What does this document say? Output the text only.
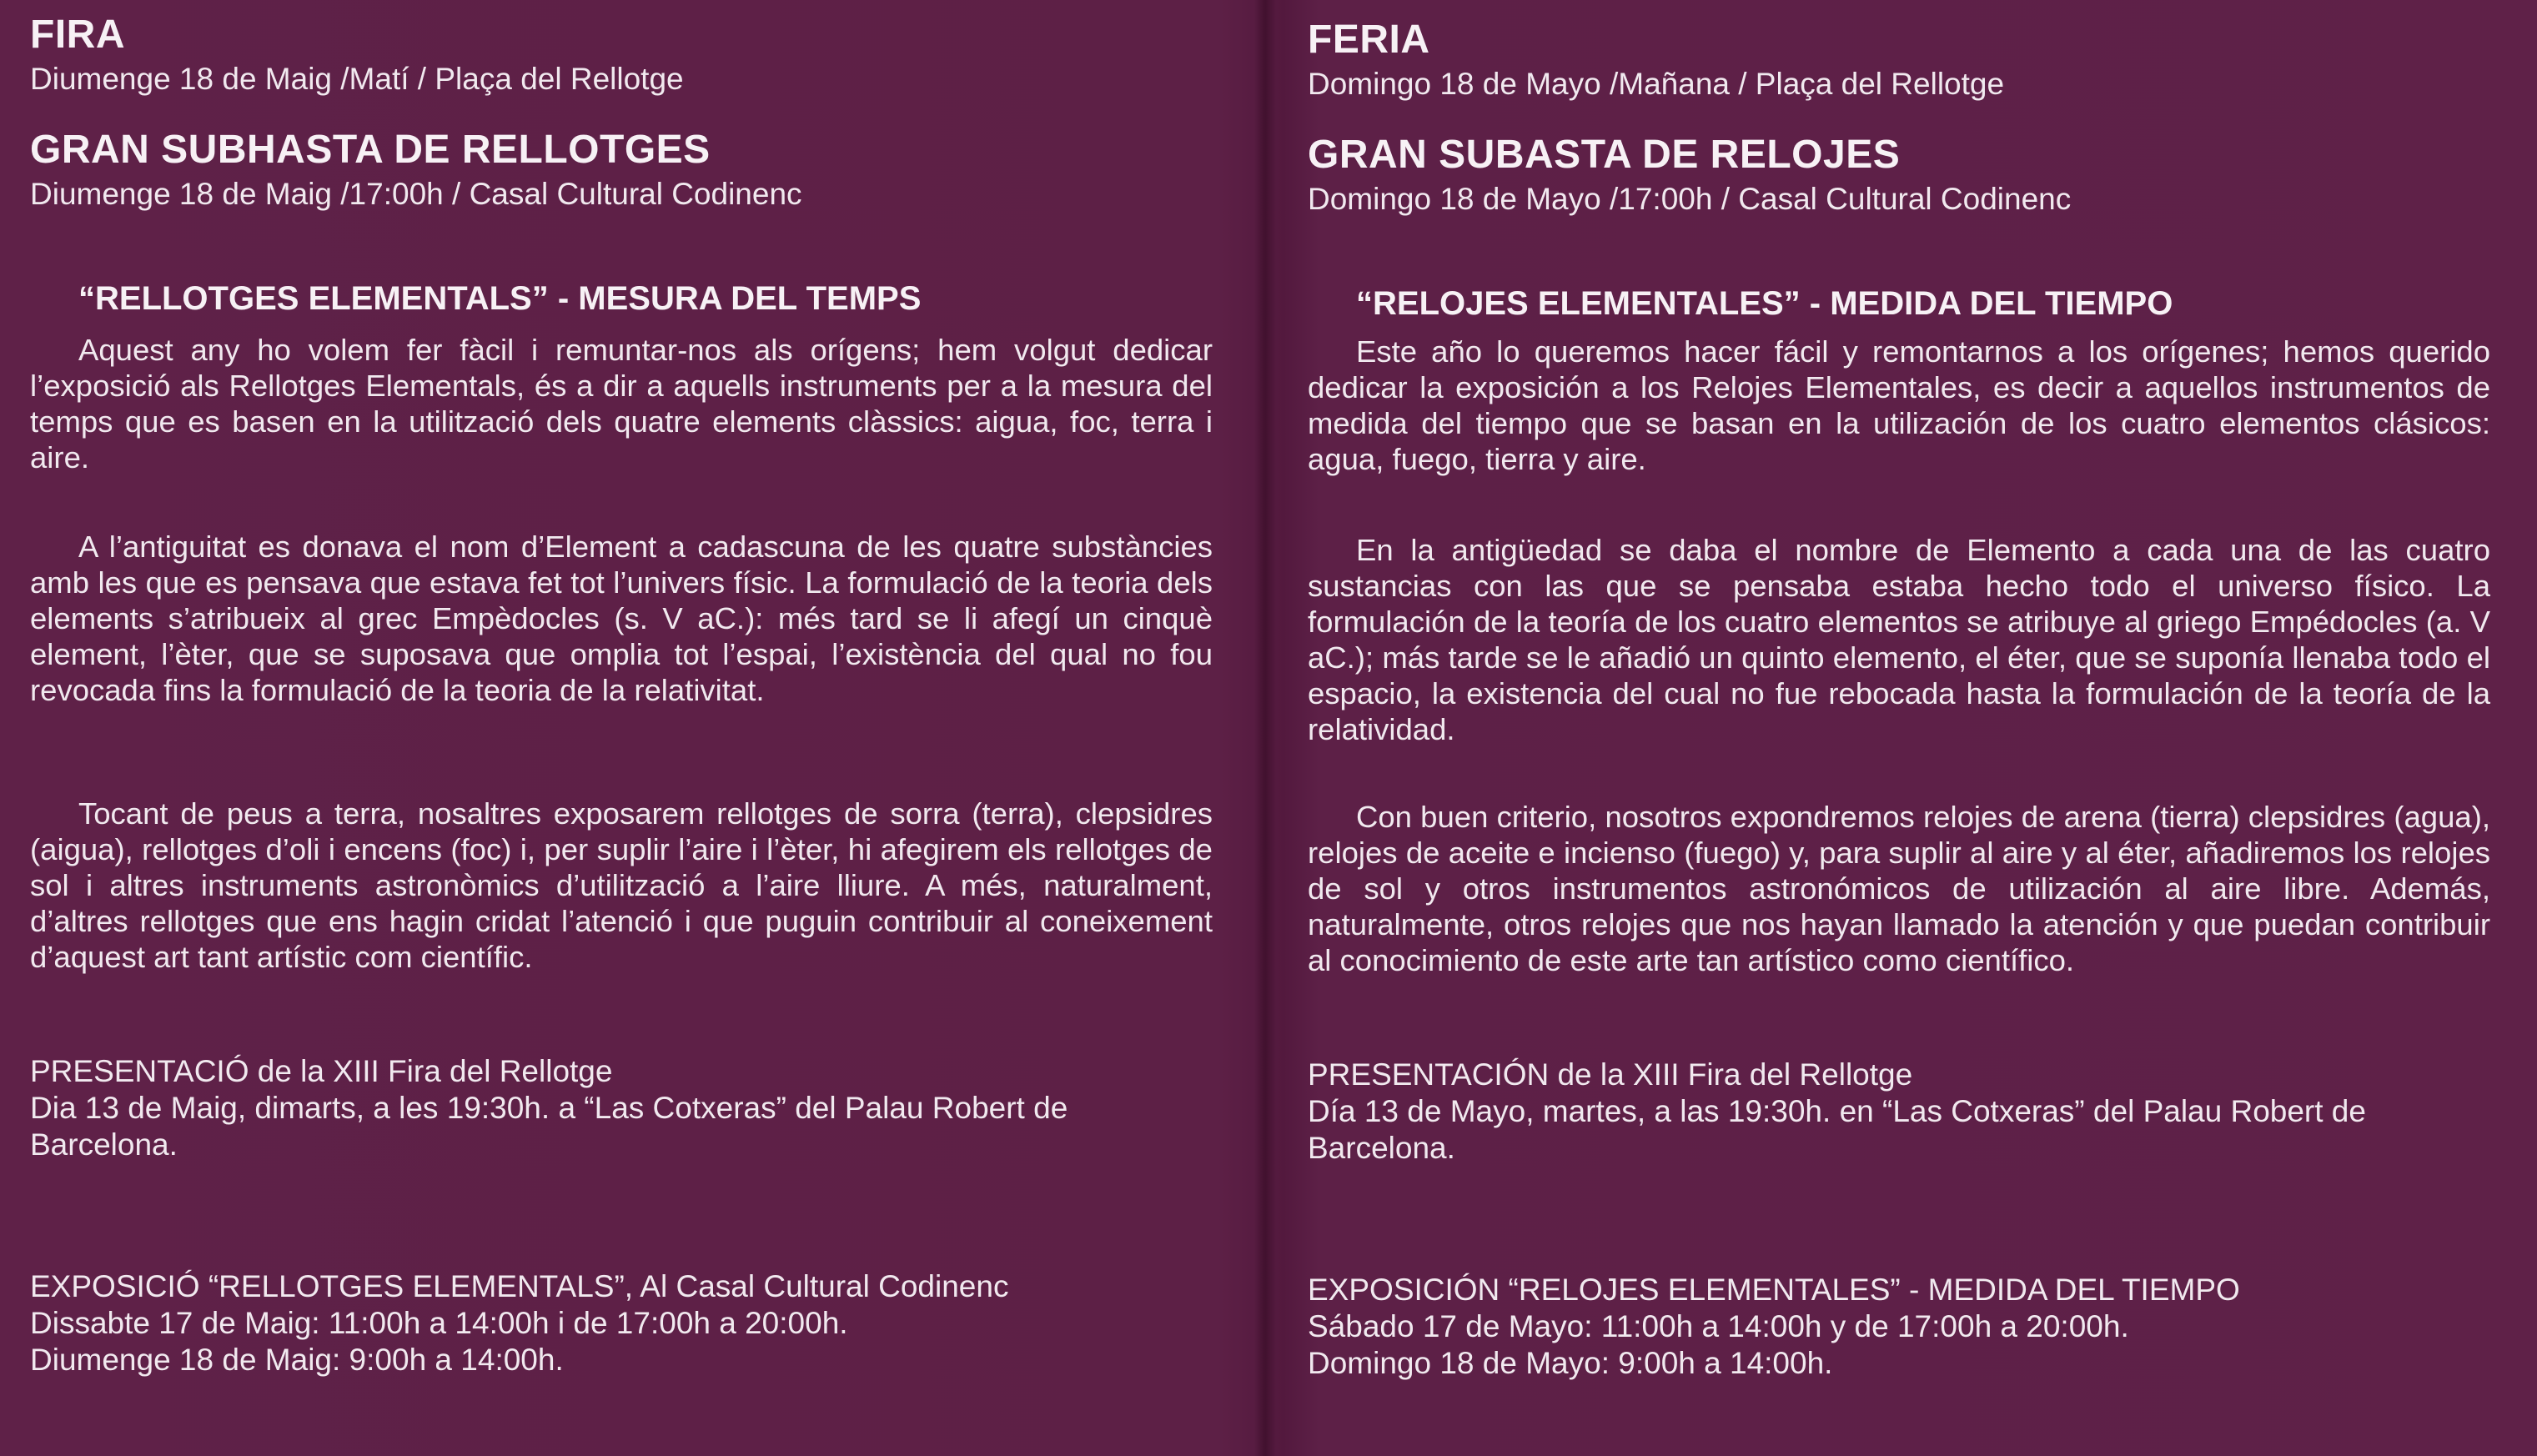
FIRA
Diumenge 18 de Maig /Matí / Plaça del Rellotge
GRAN SUBHASTA DE RELLOTGES
Diumenge 18 de Maig /17:00h / Casal Cultural Codinenc
“RELLOTGES ELEMENTALS” - MESURA DEL TEMPS
Aquest any ho volem fer fàcil i remuntar-nos als orígens; hem volgut dedicar l’exposició als Rellotges Elementals, és a dir a aquells instruments per a la mesura del temps que es basen en la utilització dels quatre elements clàssics: aigua, foc, terra i aire.
A l’antiguitat es donava el nom d’Element a cadascuna de les quatre substàncies amb les que es pensava que estava fet tot l’univers físic. La formulació de la teoria dels elements s’atribueix al grec Empèdocles (s. V aC.): més tard se li afegí un cinquè element, l’èter, que se suposava que omplia tot l’espai, l’existència del qual no fou revocada fins la formulació de la teoria de la relativitat.
Tocant de peus a terra, nosaltres exposarem rellotges de sorra (terra), clepsidres (aigua), rellotges d’oli i encens (foc) i, per suplir l’aire i l’èter, hi afegirem els rellotges de sol i altres instruments astronòmics d’utilització a l’aire lliure. A més, naturalment, d’altres rellotges que ens hagin cridat l’atenció i que puguin contribuir al coneixement d’aquest art tant artístic com científic.
PRESENTACIÓ de la XIII Fira del Rellotge
Dia 13 de Maig, dimarts, a les 19:30h. a “Las Cotxeras” del Palau Robert de
Barcelona.
EXPOSICIÓ “RELLOTGES ELEMENTALS”, Al Casal Cultural Codinenc
Dissabte 17 de Maig: 11:00h a 14:00h i de 17:00h a 20:00h.
Diumenge 18 de Maig: 9:00h a 14:00h.
FERIA
Domingo 18 de Mayo /Mañana / Plaça del Rellotge
GRAN SUBASTA DE RELOJES
Domingo 18 de Mayo /17:00h / Casal Cultural Codinenc
“RELOJES ELEMENTALES” - MEDIDA DEL TIEMPO
Este año lo queremos hacer fácil y remontarnos a los orígenes; hemos querido dedicar la exposición a los Relojes Elementales, es decir a aquellos instrumentos de medida del tiempo que se basan en la utilización de los cuatro elementos clásicos: agua, fuego, tierra y aire.
En la antigüedad se daba el nombre de Elemento a cada una de las cuatro sustancias con las que se pensaba estaba hecho todo el universo físico. La formulación de la teoría de los cuatro elementos se atribuye al griego Empédocles (a. V aC.); más tarde se le añadió un quinto elemento, el éter, que se suponía llenaba todo el espacio, la existencia del cual no fue rebocada hasta la formulación de la teoría de la relatividad.
Con buen criterio, nosotros expondremos relojes de arena (tierra) clepsidres (agua), relojes de aceite e incienso (fuego) y, para suplir al aire y al éter, añadiremos los relojes de sol y otros instrumentos astronómicos de utilización al aire libre. Además, naturalmente, otros relojes que nos hayan llamado la atención y que puedan contribuir al conocimiento de este arte tan artístico como científico.
PRESENTACIÓN de la XIII Fira del Rellotge
Día 13 de Mayo, martes, a las 19:30h. en “Las Cotxeras” del Palau Robert de
Barcelona.
EXPOSICIÓN “RELOJES ELEMENTALES” - MEDIDA DEL TIEMPO
Sábado 17 de Mayo: 11:00h a 14:00h y de 17:00h a 20:00h.
Domingo 18 de Mayo: 9:00h a 14:00h.
